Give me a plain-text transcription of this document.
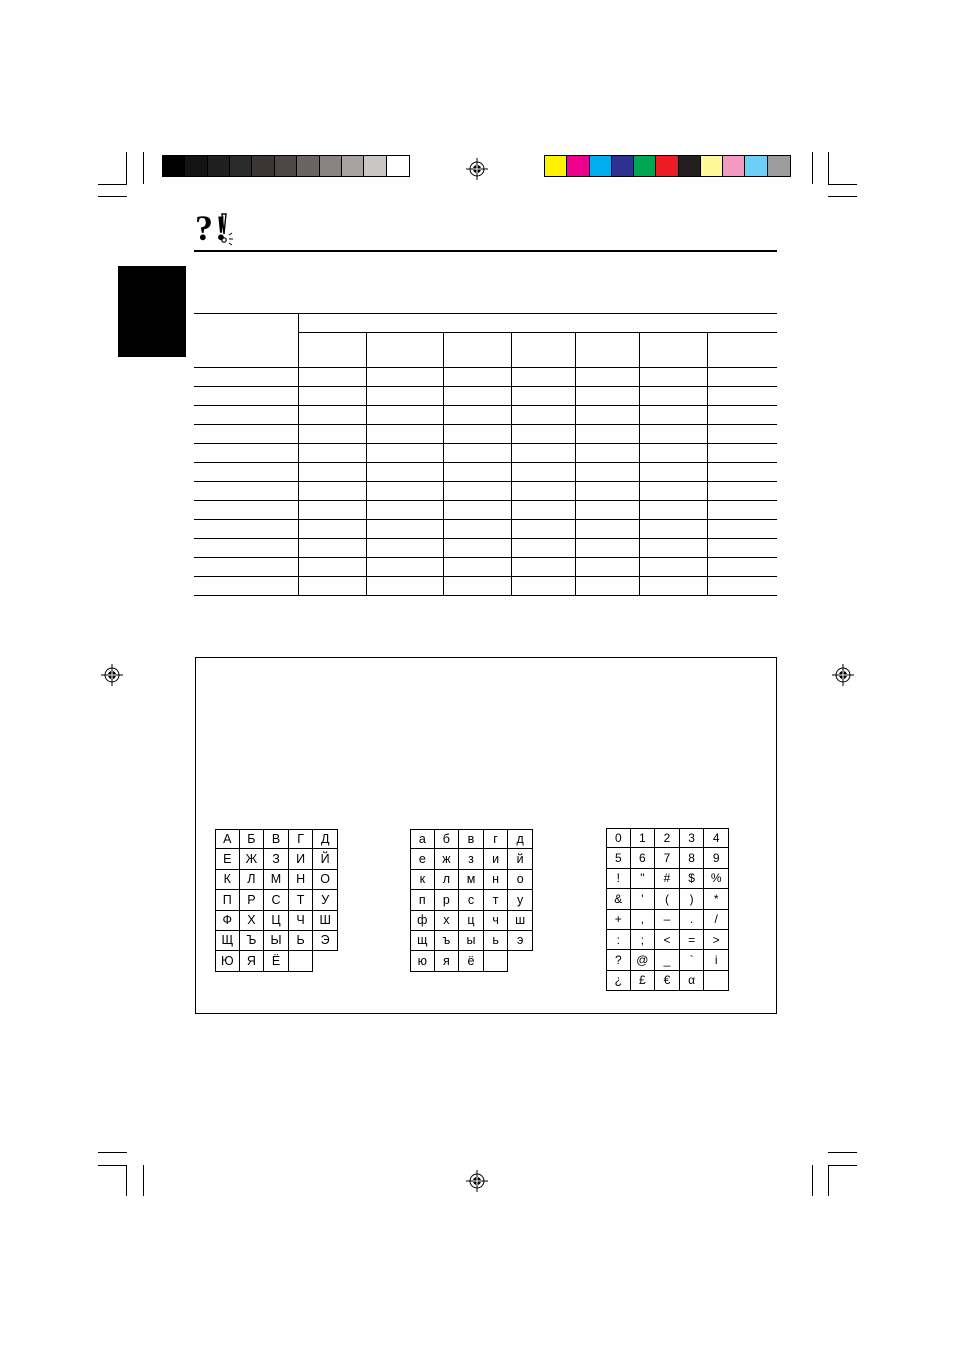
? !
А	Б	В	Г	Д
Е	Ж	З	И	Й
К	Л	М	Н	О
П	Р	С	Т	У
Ф	Х	Ц	Ч	Ш
Щ	Ъ	Ы	Ь	Э
Ю	Я	Ё
а	б	в	г	д
е	ж	з	и	й
к	л	м	н	о
п	р	с	т	у
ф	х	ц	ч	ш
щ	ъ	ы	ь	э
ю	я	ё
0	1	2	3	4
5	6	7	8	9
!	"	#	$	%
&	'	(	)	*
+	,	–	.	/
:	;	<	=	>
?	@	_	`	i
¿	£	€	α
